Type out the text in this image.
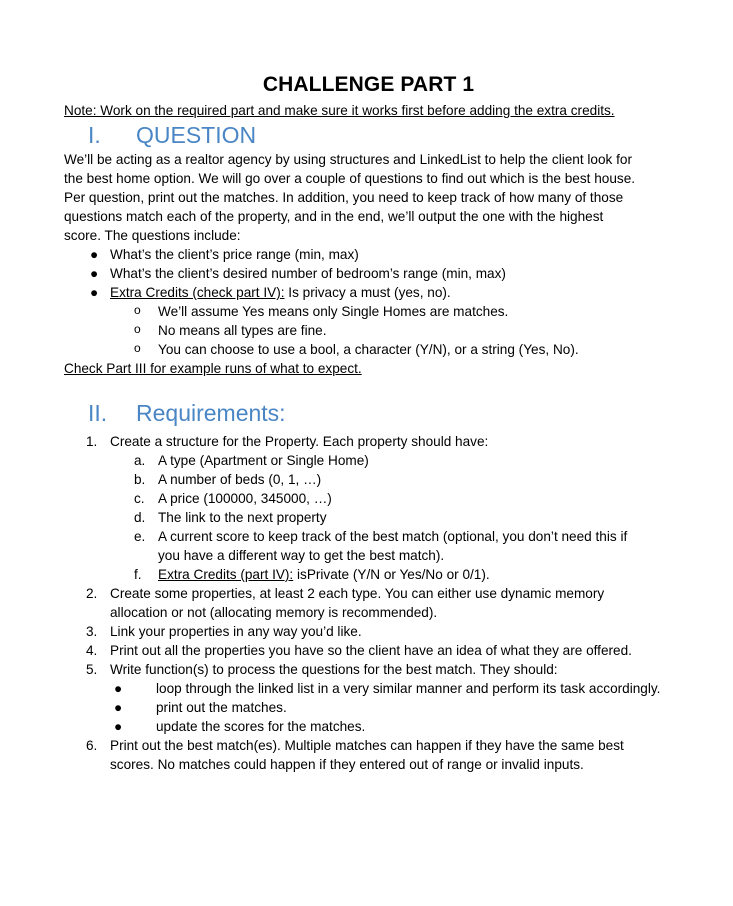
CHALLENGE PART 1

Note: Work on the required part and make sure it works first before adding the extra credits.

I.	QUESTION
We’ll be acting as a realtor agency by using structures and LinkedList to help the client look for
the best home option. We will go over a couple of questions to find out which is the best house.
Per question, print out the matches. In addition, you need to keep track of how many of those
questions match each of the property, and in the end, we’ll output the one with the highest
score. The questions include:
● What’s the client’s price range (min, max)
● What’s the client’s desired number of bedroom’s range (min, max)
● Extra Credits (check part IV): Is privacy a must (yes, no).
o We’ll assume Yes means only Single Homes are matches.
o No means all types are fine.
o You can choose to use a bool, a character (Y/N), or a string (Yes, No).

Check Part III for example runs of what to expect.

II.	Requirements:
1. Create a structure for the Property. Each property should have:
a. A type (Apartment or Single Home)
b. A number of beds (0, 1, …)
c. A price (100000, 345000, …)
d. The link to the next property
e. A current score to keep track of the best match (optional, you don’t need this if
you have a different way to get the best match).
f. Extra Credits (part IV): isPrivate (Y/N or Yes/No or 0/1).
2. Create some properties, at least 2 each type. You can either use dynamic memory
allocation or not (allocating memory is recommended).
3. Link your properties in any way you’d like.
4. Print out all the properties you have so the client have an idea of what they are offered.
5. Write function(s) to process the questions for the best match. They should:
● loop through the linked list in a very similar manner and perform its task accordingly.
● print out the matches.
● update the scores for the matches.
6. Print out the best match(es). Multiple matches can happen if they have the same best
scores. No matches could happen if they entered out of range or invalid inputs.
